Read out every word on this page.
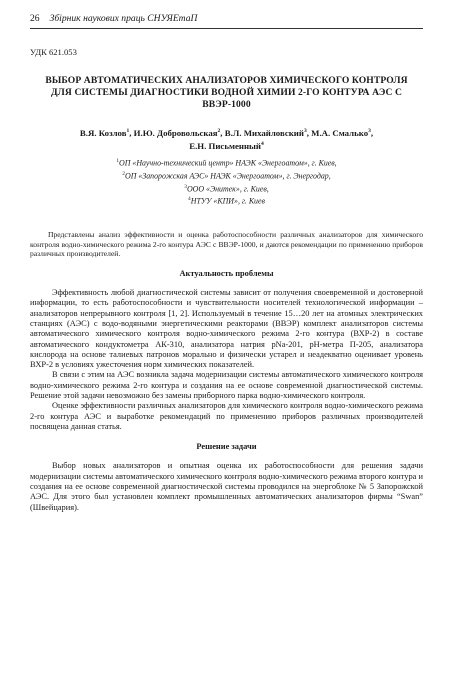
26 Збірник наукових праць СНУЯЕтаП
УДК 621.053
ВЫБОР АВТОМАТИЧЕСКИХ АНАЛИЗАТОРОВ ХИМИЧЕСКОГО КОНТРОЛЯ ДЛЯ СИСТЕМЫ ДИАГНОСТИКИ ВОДНОЙ ХИМИИ 2-ГО КОНТУРА АЭС С ВВЭР-1000
В.Я. Козлов$^1$, И.Ю. Добровольская$^2$, В.Л. Михайловский$^3$, М.А. Смалько$^3$,
Е.Н. Письменный$^4$
$^1$ОП «Научно-технический центр» НАЭК «Энергоатом», г. Киев,
$^2$ОП «Запорожская АЭС» НАЭК «Энергоатом», г. Энергодар,
$^3$ООО «Энитек», г. Киев,
$^4$НТУУ «КПИ», г. Киев

Представлены анализ эффективности и оценка работоспособности различных анализаторов для химического контроля водно-химического режима 2-го контура АЭС с ВВЭР-1000, и даются рекомендации по применению приборов различных производителей.

Актуальность проблемы

Эффективность любой диагностической системы зависит от получения своевременной и достоверной информации, то есть работоспособности и чувствительности носителей технологической информации – анализаторов непрерывного контроля [1, 2]. Используемый в течение 15…20 лет на атомных электрических станциях (АЭС) с водо-водяными энергетическими реакторами (ВВЭР) комплект анализаторов системы автоматического химического контроля водно-химического режима 2-го контура (ВХР-2) в составе автоматического кондуктометра АК-310, анализатора натрия pNa-201, pH-метра П-205, анализатора кислорода на основе талиевых патронов морально и физически устарел и неадекватно оценивает уровень ВХР-2 в условиях ужесточения норм химических показателей.

В связи с этим на АЭС возникла задача модернизации системы автоматического химического контроля водно-химического режима 2-го контура и создания на ее основе современной диагностической системы. Решение этой задачи невозможно без замены приборного парка водно-химического контроля.

Оценке эффективности различных анализаторов для химического контроля водно-химического режима 2-го контура АЭС и выработке рекомендаций по применению приборов различных производителей посвящена данная статья.

Решение задачи

Выбор новых анализаторов и опытная оценка их работоспособности для решения задачи модернизации системы автоматического химического контроля водно-химического режима второго контура и создания на ее основе современной диагностической системы проводился на энергоблоке № 5 Запорожской АЭС. Для этого был установлен комплект промышленных автоматических анализаторов фирмы “Swan” (Швейцария).
